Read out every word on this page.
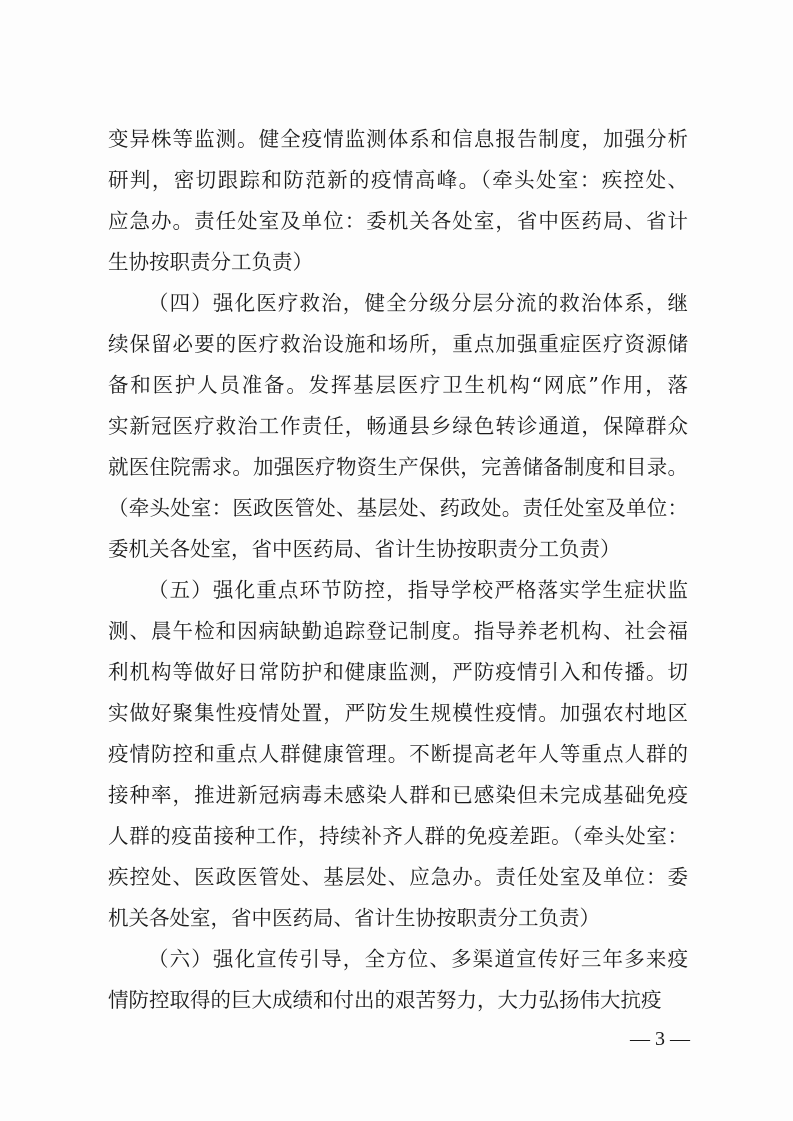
变异株等监测。健全疫情监测体系和信息报告制度，加强分析
研判，密切跟踪和防范新的疫情高峰。（牵头处室：疾控处、
应急办。责任处室及单位：委机关各处室，省中医药局、省计
生协按职责分工负责）
（四）强化医疗救治，健全分级分层分流的救治体系，继
续保留必要的医疗救治设施和场所，重点加强重症医疗资源储
备和医护人员准备。发挥基层医疗卫生机构“网底”作用，落
实新冠医疗救治工作责任，畅通县乡绿色转诊通道，保障群众
就医住院需求。加强医疗物资生产保供，完善储备制度和目录。
（牵头处室：医政医管处、基层处、药政处。责任处室及单位：
委机关各处室，省中医药局、省计生协按职责分工负责）
（五）强化重点环节防控，指导学校严格落实学生症状监
测、晨午检和因病缺勤追踪登记制度。指导养老机构、社会福
利机构等做好日常防护和健康监测，严防疫情引入和传播。切
实做好聚集性疫情处置，严防发生规模性疫情。加强农村地区
疫情防控和重点人群健康管理。不断提高老年人等重点人群的
接种率，推进新冠病毒未感染人群和已感染但未完成基础免疫
人群的疫苗接种工作，持续补齐人群的免疫差距。（牵头处室：
疾控处、医政医管处、基层处、应急办。责任处室及单位：委
机关各处室，省中医药局、省计生协按职责分工负责）
（六）强化宣传引导，全方位、多渠道宣传好三年多来疫
情防控取得的巨大成绩和付出的艰苦努力，大力弘扬伟大抗疫
— 3 —
